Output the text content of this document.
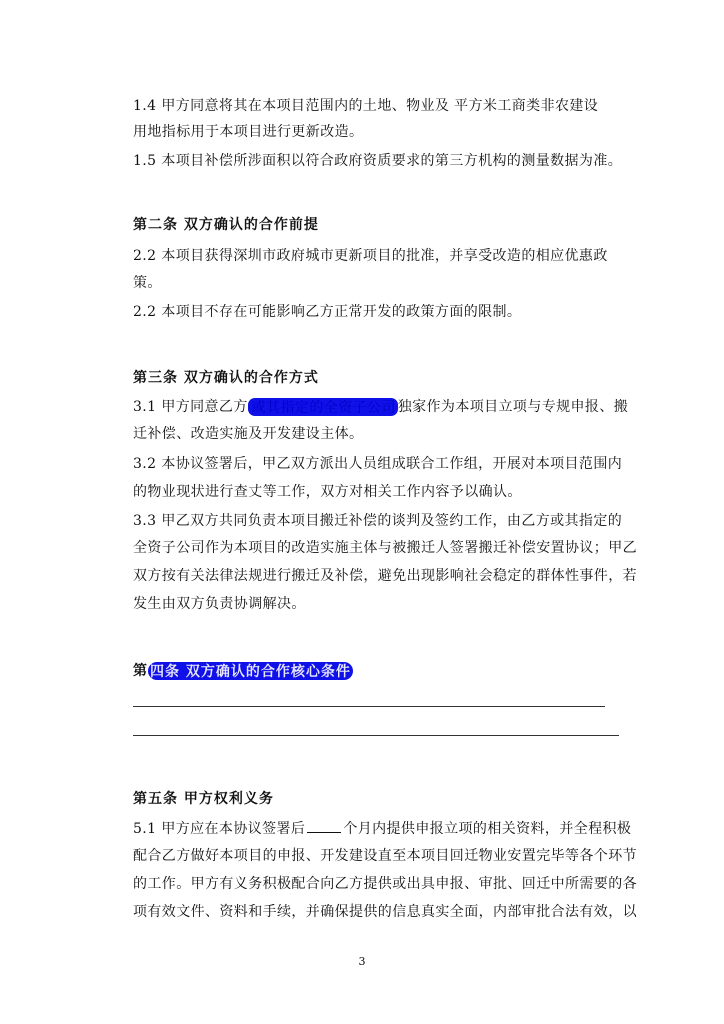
1.4 甲方同意将其在本项目范围内的土地、物业及 平方米工商类非农建设
用地指标用于本项目进行更新改造。
1.5 本项目补偿所涉面积以符合政府资质要求的第三方机构的测量数据为准。
第二条 双方确认的合作前提
2.2 本项目获得深圳市政府城市更新项目的批准，并享受改造的相应优惠政
策。
2.2 本项目不存在可能影响乙方正常开发的政策方面的限制。
第三条 双方确认的合作方式
3.1 甲方同意乙方 或其指定的全资子公司 独家作为本项目立项与专规申报、搬
迁补偿、改造实施及开发建设主体。
3.2 本协议签署后，甲乙双方派出人员组成联合工作组，开展对本项目范围内
的物业现状进行查丈等工作，双方对相关工作内容予以确认。
3.3 甲乙双方共同负责本项目搬迁补偿的谈判及签约工作，由乙方或其指定的
全资子公司作为本项目的改造实施主体与被搬迁人签署搬迁补偿安置协议；甲乙
双方按有关法律法规进行搬迁及补偿，避免出现影响社会稳定的群体性事件，若
发生由双方负责协调解决。
第 四条 双方确认的合作核心条件
第五条 甲方权利义务
5.1 甲方应在本协议签署后	个月内提供申报立项的相关资料，并全程积极
配合乙方做好本项目的申报、开发建设直至本项目回迁物业安置完毕等各个环节
的工作。甲方有义务积极配合向乙方提供或出具申报、审批、回迁中所需要的各
项有效文件、资料和手续，并确保提供的信息真实全面，内部审批合法有效，以
3
